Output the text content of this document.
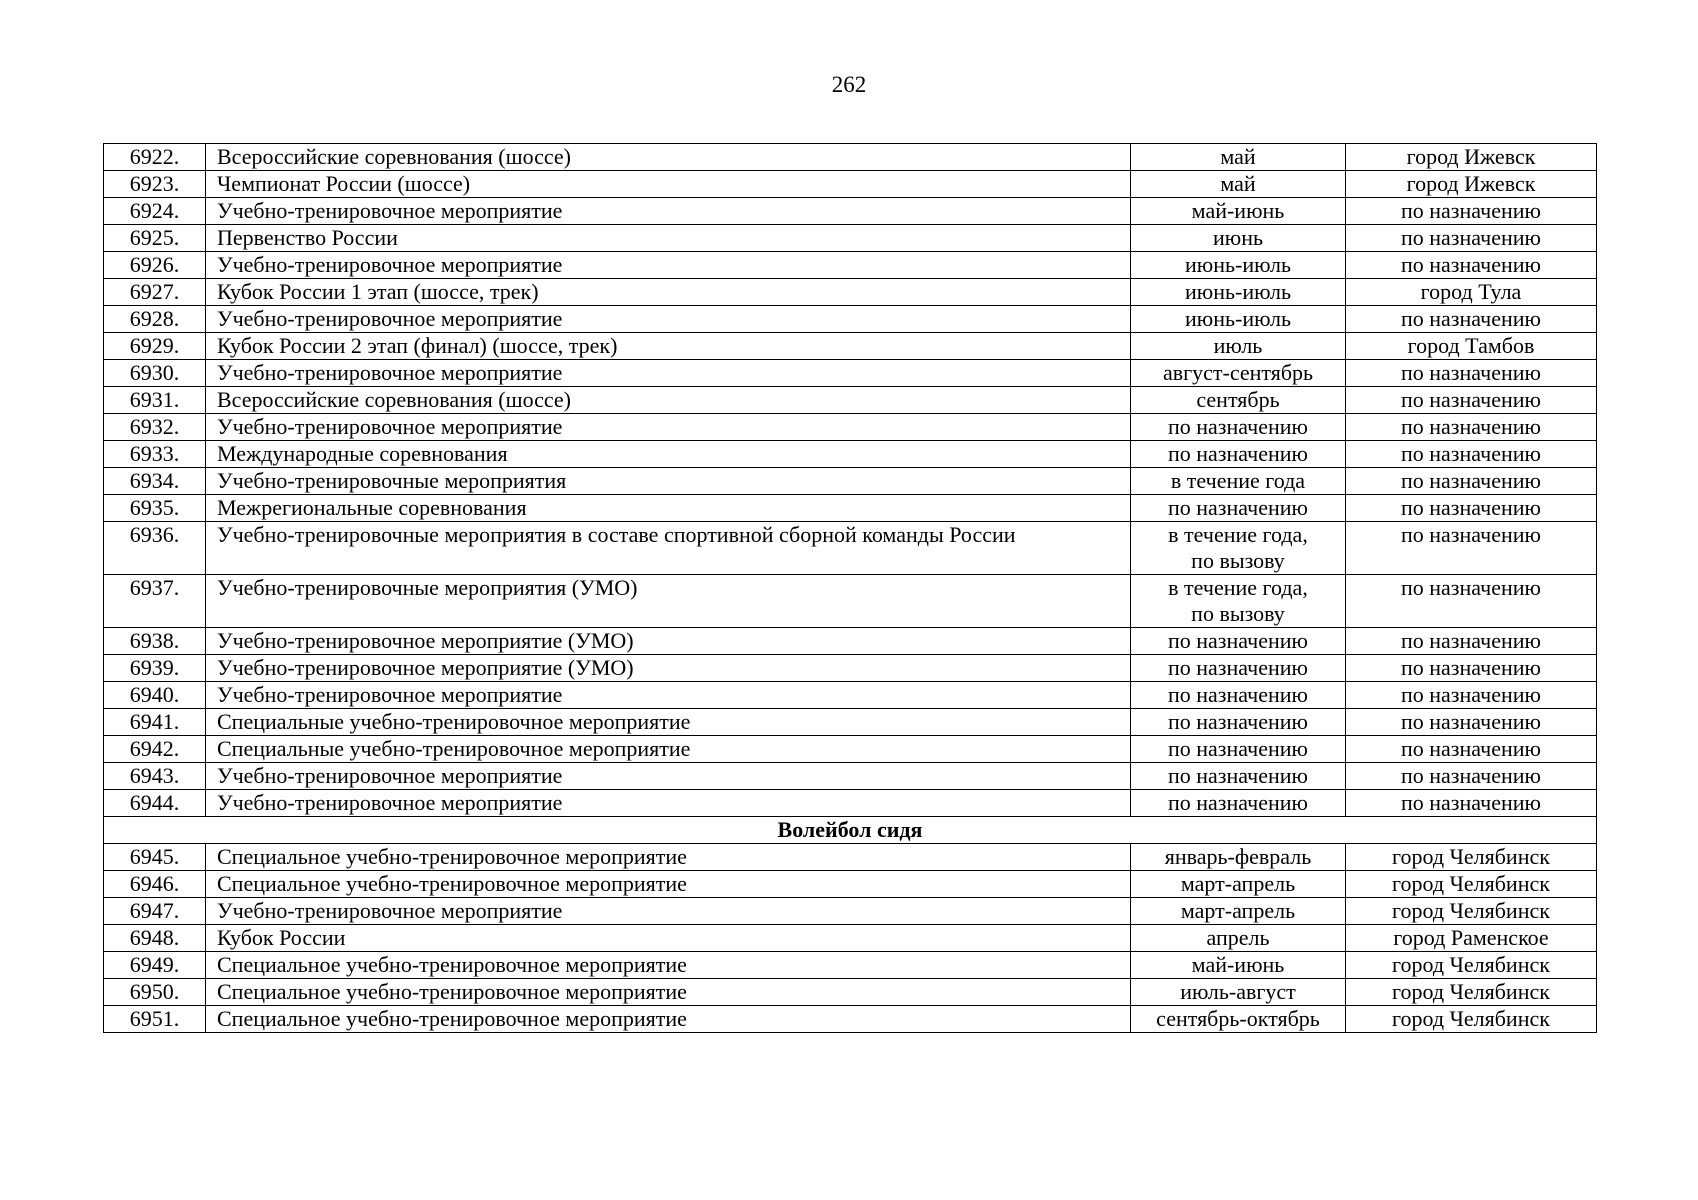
262
6922.	Всероссийские соревнования (шоссе)	май	город Ижевск
6923.	Чемпионат России (шоссе)	май	город Ижевск
6924.	Учебно-тренировочное мероприятие	май-июнь	по назначению
6925.	Первенство России	июнь	по назначению
6926.	Учебно-тренировочное мероприятие	июнь-июль	по назначению
6927.	Кубок России 1 этап (шоссе, трек)	июнь-июль	город Тула
6928.	Учебно-тренировочное мероприятие	июнь-июль	по назначению
6929.	Кубок России 2 этап (финал) (шоссе, трек)	июль	город Тамбов
6930.	Учебно-тренировочное мероприятие	август-сентябрь	по назначению
6931.	Всероссийские соревнования (шоссе)	сентябрь	по назначению
6932.	Учебно-тренировочное мероприятие	по назначению	по назначению
6933.	Международные соревнования	по назначению	по назначению
6934.	Учебно-тренировочные мероприятия	в течение года	по назначению
6935.	Межрегиональные соревнования	по назначению	по назначению
6936.	Учебно-тренировочные мероприятия в составе спортивной сборной команды России	в течение года,
по вызову	по назначению
6937.	Учебно-тренировочные мероприятия (УМО)	в течение года,
по вызову	по назначению
6938.	Учебно-тренировочное мероприятие (УМО)	по назначению	по назначению
6939.	Учебно-тренировочное мероприятие (УМО)	по назначению	по назначению
6940.	Учебно-тренировочное мероприятие	по назначению	по назначению
6941.	Специальные учебно-тренировочное мероприятие	по назначению	по назначению
6942.	Специальные учебно-тренировочное мероприятие	по назначению	по назначению
6943.	Учебно-тренировочное мероприятие	по назначению	по назначению
6944.	Учебно-тренировочное мероприятие	по назначению	по назначению
Волейбол сидя			
6945.	Специальное учебно-тренировочное мероприятие	январь-февраль	город Челябинск
6946.	Специальное учебно-тренировочное мероприятие	март-апрель	город Челябинск
6947.	Учебно-тренировочное мероприятие	март-апрель	город Челябинск
6948.	Кубок России	апрель	город Раменское
6949.	Специальное учебно-тренировочное мероприятие	май-июнь	город Челябинск
6950.	Специальное учебно-тренировочное мероприятие	июль-август	город Челябинск
6951.	Специальное учебно-тренировочное мероприятие	сентябрь-октябрь	город Челябинск
